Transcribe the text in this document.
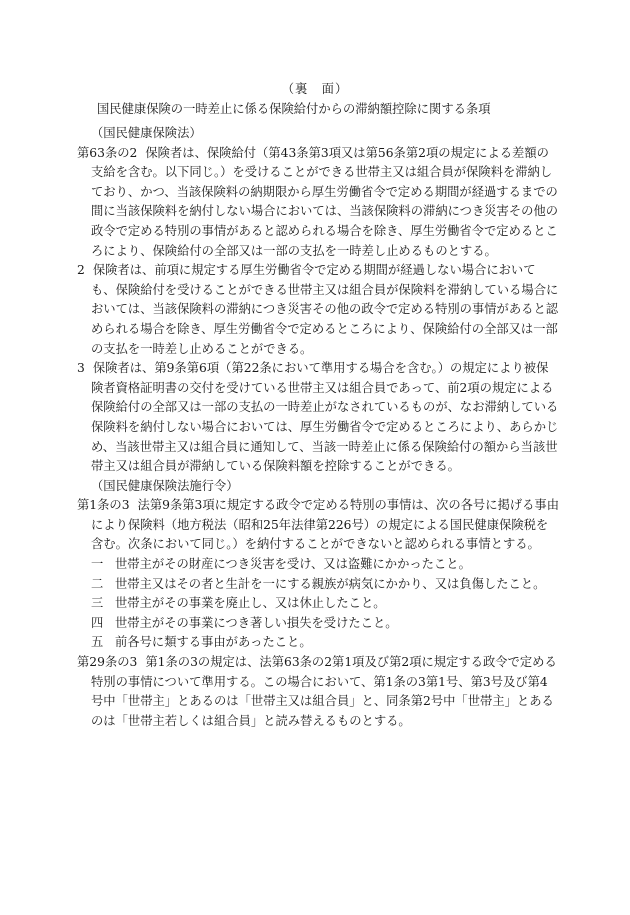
（裏　面）
国民健康保険の一時差止に係る保険給付からの滞納額控除に関する条項
（国民健康保険法）
第63条の2 保険者は、保険給付（第43条第3項又は第56条第2項の規定による差額の支給を含む。以下同じ。）を受けることができる世帯主又は組合員が保険料を滞納しており、かつ、当該保険料の納期限から厚生労働省令で定める期間が経過するまでの間に当該保険料を納付しない場合においては、当該保険料の滞納につき災害その他の政令で定める特別の事情があると認められる場合を除き、厚生労働省令で定めるところにより、保険給付の全部又は一部の支払を一時差し止めるものとする。
2 保険者は、前項に規定する厚生労働省令で定める期間が経過しない場合においても、保険給付を受けることができる世帯主又は組合員が保険料を滞納している場合においては、当該保険料の滞納につき災害その他の政令で定める特別の事情があると認められる場合を除き、厚生労働省令で定めるところにより、保険給付の全部又は一部の支払を一時差し止めることができる。
3 保険者は、第9条第6項（第22条において準用する場合を含む。）の規定により被保険者資格証明書の交付を受けている世帯主又は組合員であって、前2項の規定による保険給付の全部又は一部の支払の一時差止がなされているものが、なお滞納している保険料を納付しない場合においては、厚生労働省令で定めるところにより、あらかじめ、当該世帯主又は組合員に通知して、当該一時差止に係る保険給付の額から当該世帯主又は組合員が滞納している保険料額を控除することができる。
（国民健康保険法施行令）
第1条の3 法第9条第3項に規定する政令で定める特別の事情は、次の各号に掲げる事由により保険料（地方税法（昭和25年法律第226号）の規定による国民健康保険税を含む。次条において同じ。）を納付することができないと認められる事情とする。
一 世帯主がその財産につき災害を受け、又は盗難にかかったこと。
二 世帯主又はその者と生計を一にする親族が病気にかかり、又は負傷したこと。
三 世帯主がその事業を廃止し、又は休止したこと。
四 世帯主がその事業につき著しい損失を受けたこと。
五 前各号に類する事由があったこと。
第29条の3 第1条の3の規定は、法第63条の2第1項及び第2項に規定する政令で定める特別の事情について準用する。この場合において、第1条の3第1号、第3号及び第4号中「世帯主」とあるのは「世帯主又は組合員」と、同条第2号中「世帯主」とあるのは「世帯主若しくは組合員」と読み替えるものとする。
